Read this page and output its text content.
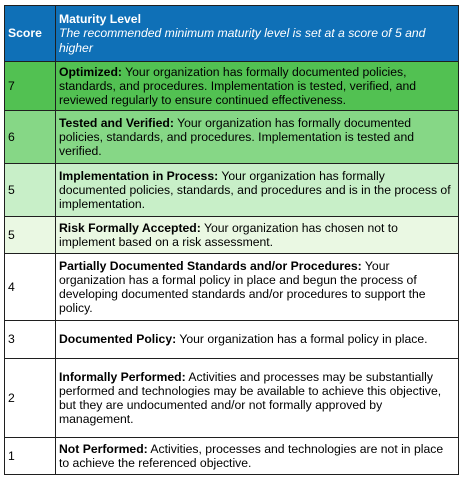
Score	Maturity Level
The recommended minimum maturity level is set at a score of 5 and higher

7	Optimized: Your organization has formally documented policies, standards, and procedures. Implementation is tested, verified, and reviewed regularly to ensure continued effectiveness.
6	Tested and Verified: Your organization has formally documented policies, standards, and procedures. Implementation is tested and verified.
5	Implementation in Process: Your organization has formally documented policies, standards, and procedures and is in the process of implementation.
5	Risk Formally Accepted: Your organization has chosen not to implement based on a risk assessment.
4	Partially Documented Standards and/or Procedures: Your organization has a formal policy in place and begun the process of developing documented standards and/or procedures to support the policy.
3	Documented Policy: Your organization has a formal policy in place.
2	Informally Performed: Activities and processes may be substantially performed and technologies may be available to achieve this objective, but they are undocumented and/or not formally approved by management.
1	Not Performed: Activities, processes and technologies are not in place to achieve the referenced objective.
